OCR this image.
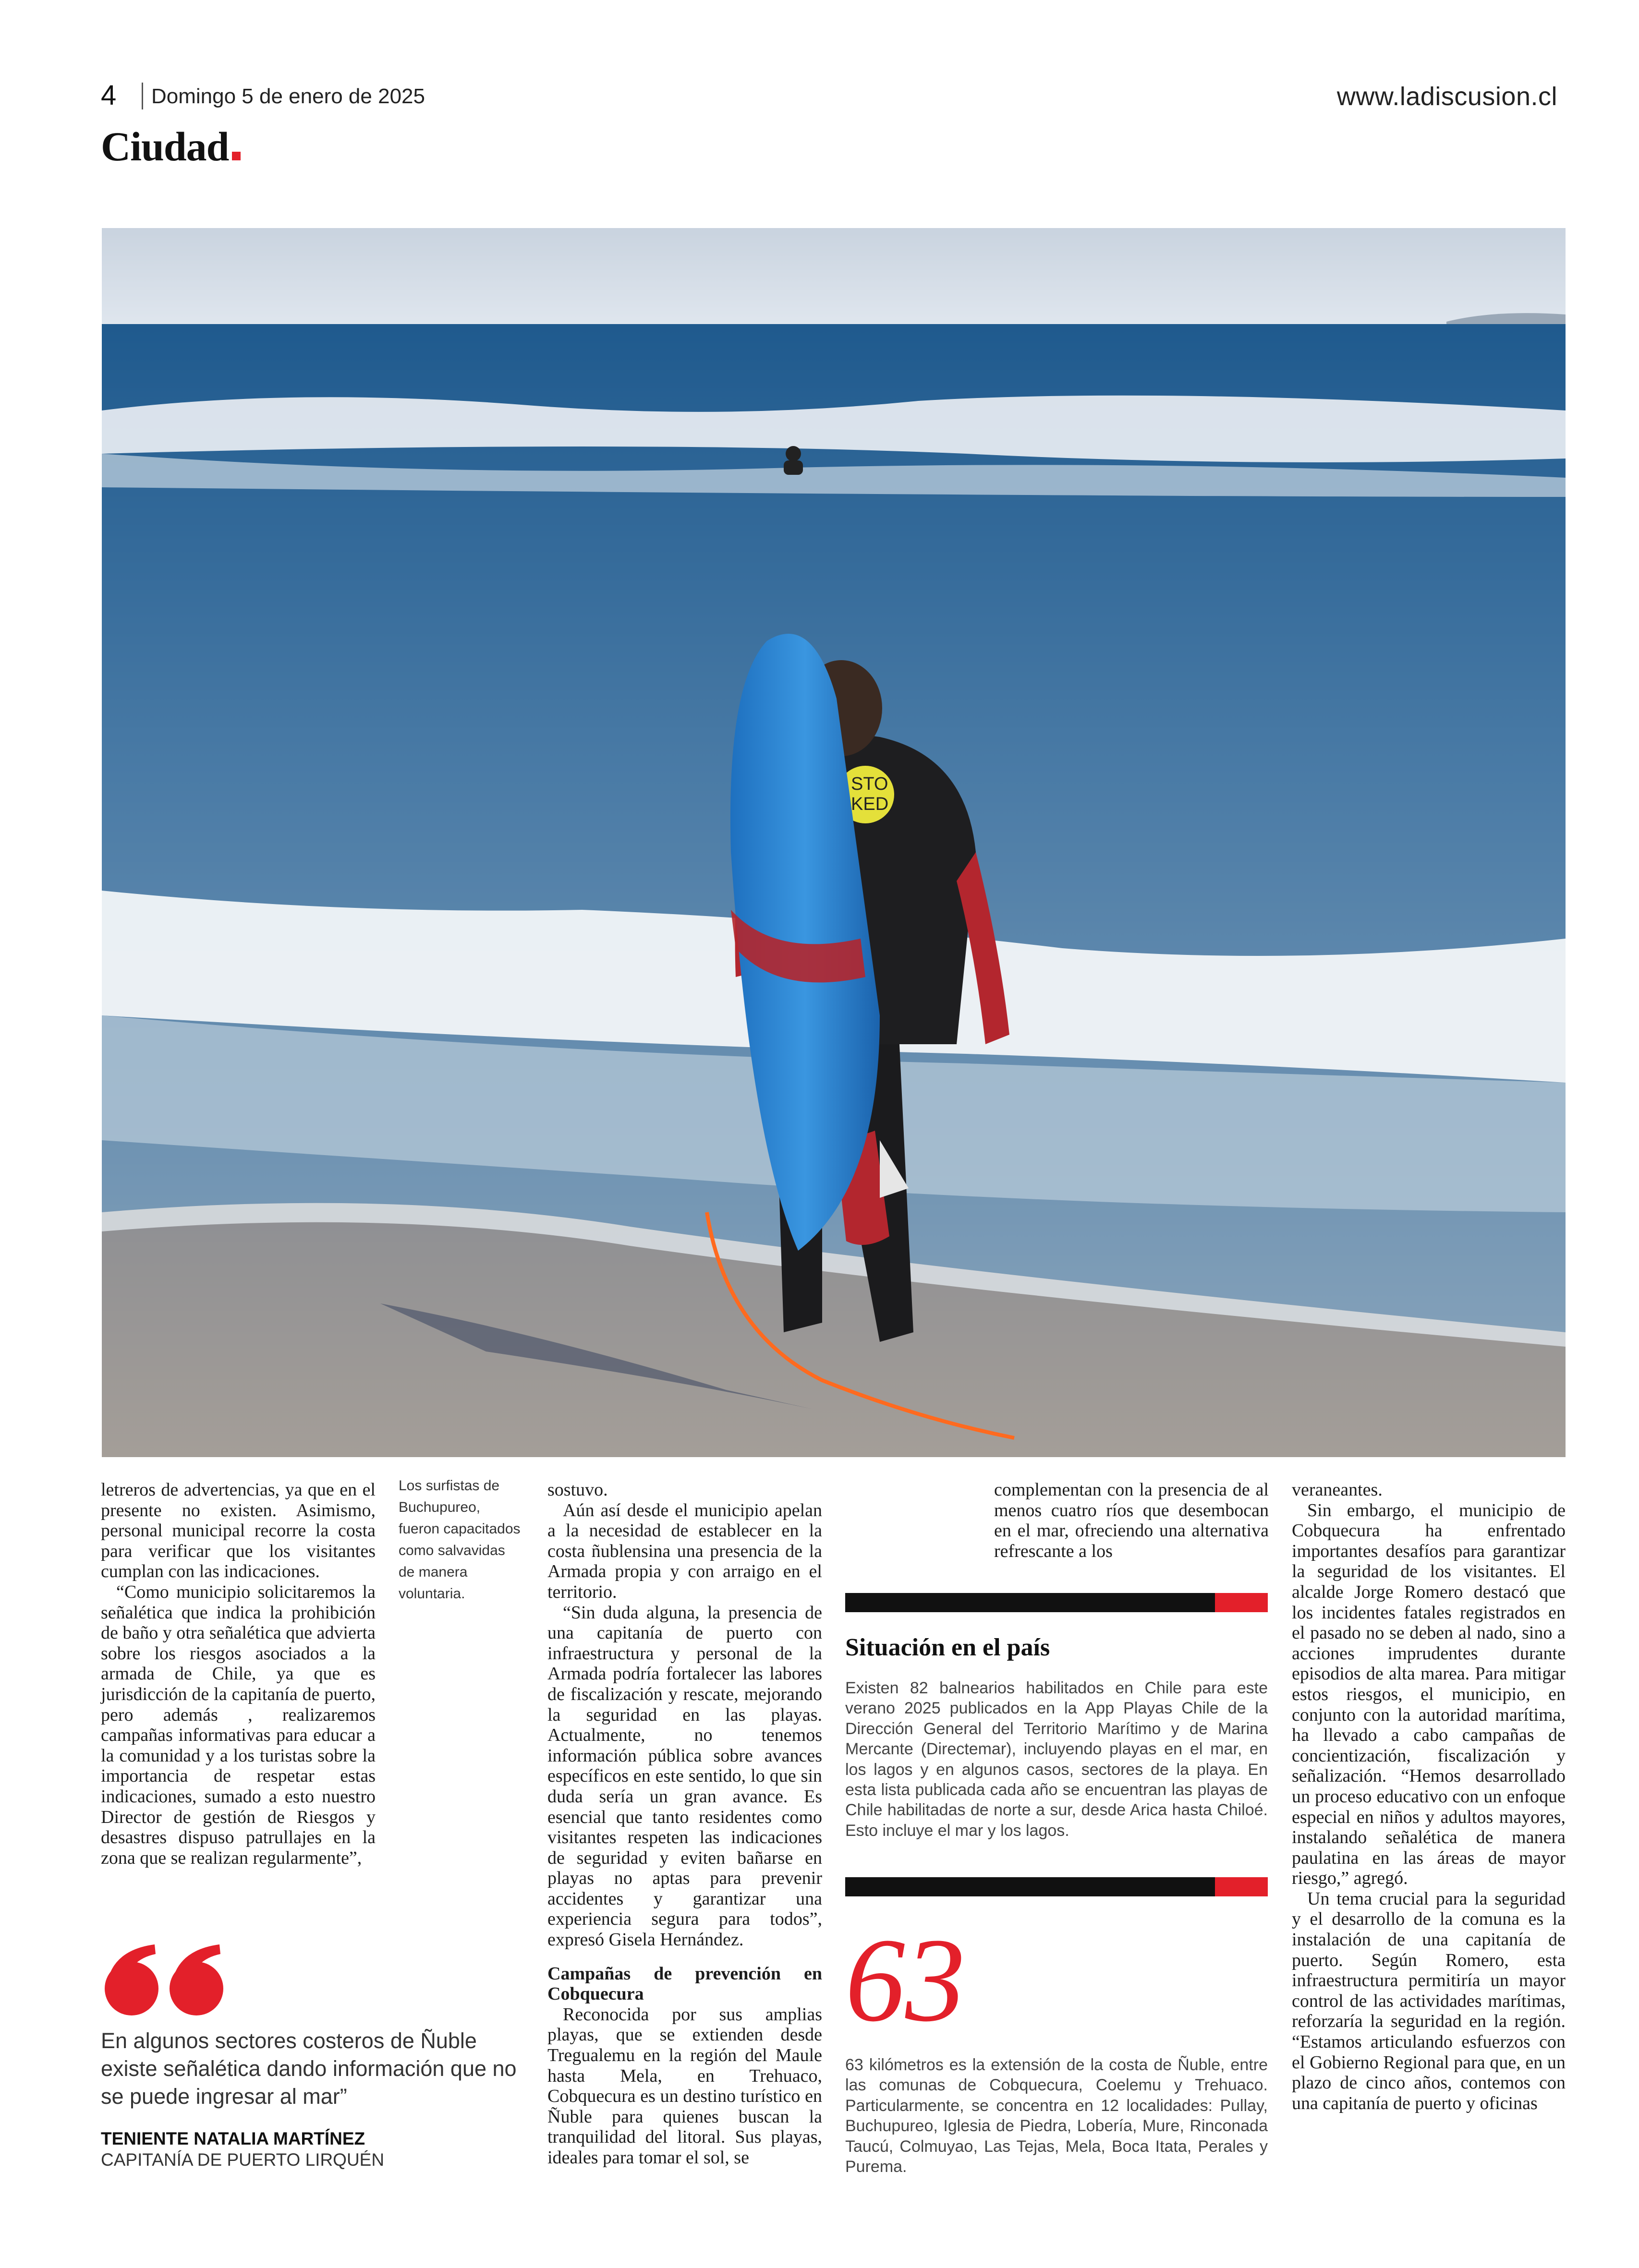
4 Domingo 5 de enero de 2025	www.ladiscusion.cl
Ciudad
STO
KED

letreros de advertencias, ya que en el presente no existen. Asimismo, personal municipal recorre la costa para verificar que los visitantes cumplan con las indicaciones.

“Como municipio solicitaremos la señalética que indica la prohibición de baño y otra señalética que advierta sobre los riesgos asociados a la armada de Chile, ya que es jurisdicción de la capitanía de puerto, pero además , realizaremos campañas informativas para educar a la comunidad y a los turistas sobre la importancia de respetar estas indicaciones, sumado a esto nuestro Director de gestión de Riesgos y desastres dispuso patrullajes en la zona que se realizan regularmente”,

Los surfistas de Buchupureo, fueron capacitados como salvavidas de manera voluntaria.

sostuvo.

Aún así desde el municipio apelan a la necesidad de establecer en la costa ñublensina una presencia de la Armada propia y con arraigo en el territorio.

“Sin duda alguna, la presencia de una capitanía de puerto con infraestructura y personal de la Armada podría fortalecer las labores de fiscalización y rescate, mejorando la seguridad en las playas. Actualmente, no tenemos información pública sobre avances específicos en este sentido, lo que sin duda sería un gran avance. Es esencial que tanto residentes como visitantes respeten las indicaciones de seguridad y eviten bañarse en playas no aptas para prevenir accidentes y garantizar una experiencia segura para todos”, expresó Gisela Hernández.

Campañas de prevención en Cobquecura

Reconocida por sus amplias playas, que se extienden desde Tregualemu en la región del Maule hasta Mela, en Trehuaco, Cobquecura es un destino turístico en Ñuble para quienes buscan la tranquilidad del litoral. Sus playas, ideales para tomar el sol, se

complementan con la presencia de al menos cuatro ríos que desembocan en el mar, ofreciendo una alternativa refrescante a los

Situación en el país
Existen 82 balnearios habilitados en Chile para este verano 2025 publicados en la App Playas Chile de la Dirección General del Territorio Marítimo y de Marina Mercante (Directemar), incluyendo playas en el mar, en los lagos y en algunos casos, sectores de la playa. En esta lista publicada cada año se encuentran las playas de Chile habilitadas de norte a sur, desde Arica hasta Chiloé. Esto incluye el mar y los lagos.
63
63 kilómetros es la extensión de la costa de Ñuble, entre las comunas de Cobquecura, Coelemu y Trehuaco. Particularmente, se concentra en 12 localidades: Pullay, Buchupureo, Iglesia de Piedra, Lobería, Mure, Rinconada Taucú, Colmuyao, Las Tejas, Mela, Boca Itata, Perales y Purema.

veraneantes.

Sin embargo, el municipio de Cobquecura ha enfrentado importantes desafíos para garantizar la seguridad de los visitantes. El alcalde Jorge Romero destacó que los incidentes fatales registrados en el pasado no se deben al nado, sino a acciones imprudentes durante episodios de alta marea. Para mitigar estos riesgos, el municipio, en conjunto con la autoridad marítima, ha llevado a cabo campañas de concientización, fiscalización y señalización. “Hemos desarrollado un proceso educativo con un enfoque especial en niños y adultos mayores, instalando señalética de manera paulatina en las áreas de mayor riesgo,” agregó.

Un tema crucial para la seguridad y el desarrollo de la comuna es la instalación de una capitanía de puerto. Según Romero, esta infraestructura permitiría un mayor control de las actividades marítimas, reforzaría la seguridad en la región. “Estamos articulando esfuerzos con el Gobierno Regional para que, en un plazo de cinco años, contemos con una capitanía de puerto y oficinas

En algunos sectores costeros de Ñuble existe señalética dando información que no se puede ingresar al mar”
TENIENTE NATALIA MARTÍNEZ
CAPITANÍA DE PUERTO LIRQUÉN
